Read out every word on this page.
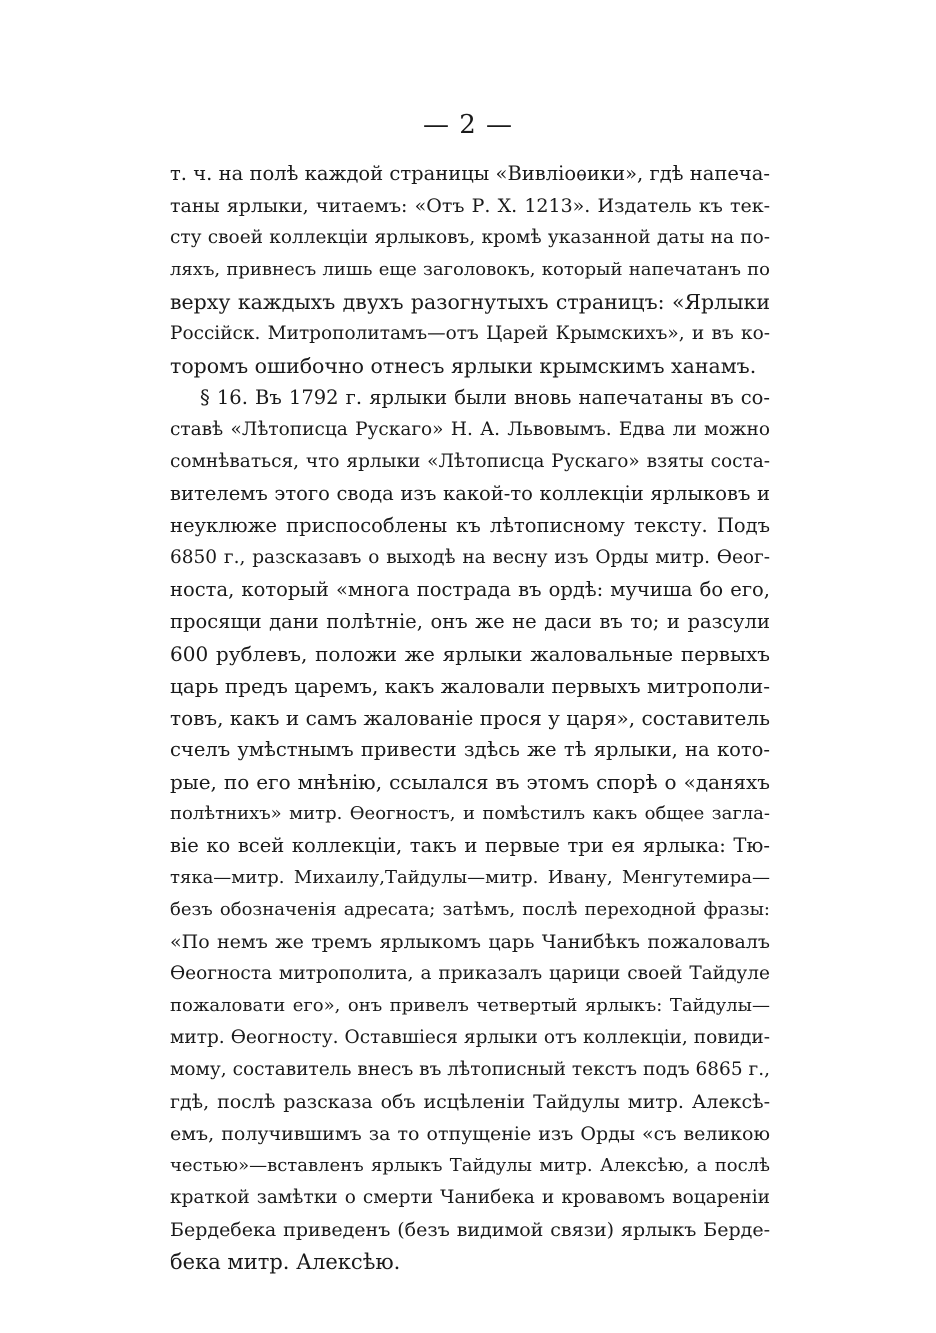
— 2 —
т. ч. на полѣ каждой страницы «Вивліоѳики», гдѣ напеча-
таны ярлыки, читаемъ: «Отъ Р. Х. 1213». Издатель къ тек-
сту своей коллекціи ярлыковъ, кромѣ указанной даты на по-
ляхъ, привнесъ лишь еще заголовокъ, который напечатанъ по
верху каждыхъ двухъ разогнутыхъ страницъ: «Ярлыки
Россійск. Митрополитамъ—отъ Царей Крымскихъ», и въ ко-
торомъ ошибочно отнесъ ярлыки крымскимъ ханамъ.
§ 16. Въ 1792 г. ярлыки были вновь напечатаны въ со-
ставѣ «Лѣтописца Рускаго» Н. А. Львовымъ. Едва ли можно
сомнѣваться, что ярлыки «Лѣтописца Рускаго» взяты соста-
вителемъ этого свода изъ какой-то коллекціи ярлыковъ и
неуклюже приспособлены къ лѣтописному тексту. Подъ
6850 г., разсказавъ о выходѣ на весну изъ Орды митр. Ѳеог-
носта, который «многа пострада въ ордѣ: мучиша бо его,
просящи дани полѣтніе, онъ же не даси въ то; и разсули
600 рублевъ, положи же ярлыки жаловальные первыхъ
царь предъ царемъ, какъ жаловали первыхъ митрополи-
товъ, какъ и самъ жалованіе прося у царя», составитель
счелъ умѣстнымъ привести здѣсь же тѣ ярлыки, на кото-
рые, по его мнѣнію, ссылался въ этомъ спорѣ о «даняхъ
полѣтнихъ» митр. Ѳеогностъ, и помѣстилъ какъ общее загла-
віе ко всей коллекціи, такъ и первые три ея ярлыка: Тю-
тяка—митр. Михаилу,Тайдулы—митр. Ивану, Менгутемира—
безъ обозначенія адресата; затѣмъ, послѣ переходной фразы:
«По немъ же тремъ ярлыкомъ царь Чанибѣкъ пожаловалъ
Ѳеогноста митрополита, а приказалъ царици своей Тайдуле
пожаловати его», онъ привелъ четвертый ярлыкъ: Тайдулы—
митр. Ѳеогносту. Оставшіеся ярлыки отъ коллекціи, повиди-
мому, составитель внесъ въ лѣтописный текстъ подъ 6865 г.,
гдѣ, послѣ разсказа объ исцѣленіи Тайдулы митр. Алексѣ-
емъ, получившимъ за то отпущеніе изъ Орды «съ великою
честью»—вставленъ ярлыкъ Тайдулы митр. Алексѣю, а послѣ
краткой замѣтки о смерти Чанибека и кровавомъ воцареніи
Бердебека приведенъ (безъ видимой связи) ярлыкъ Берде-
бека митр. Алексѣю.
